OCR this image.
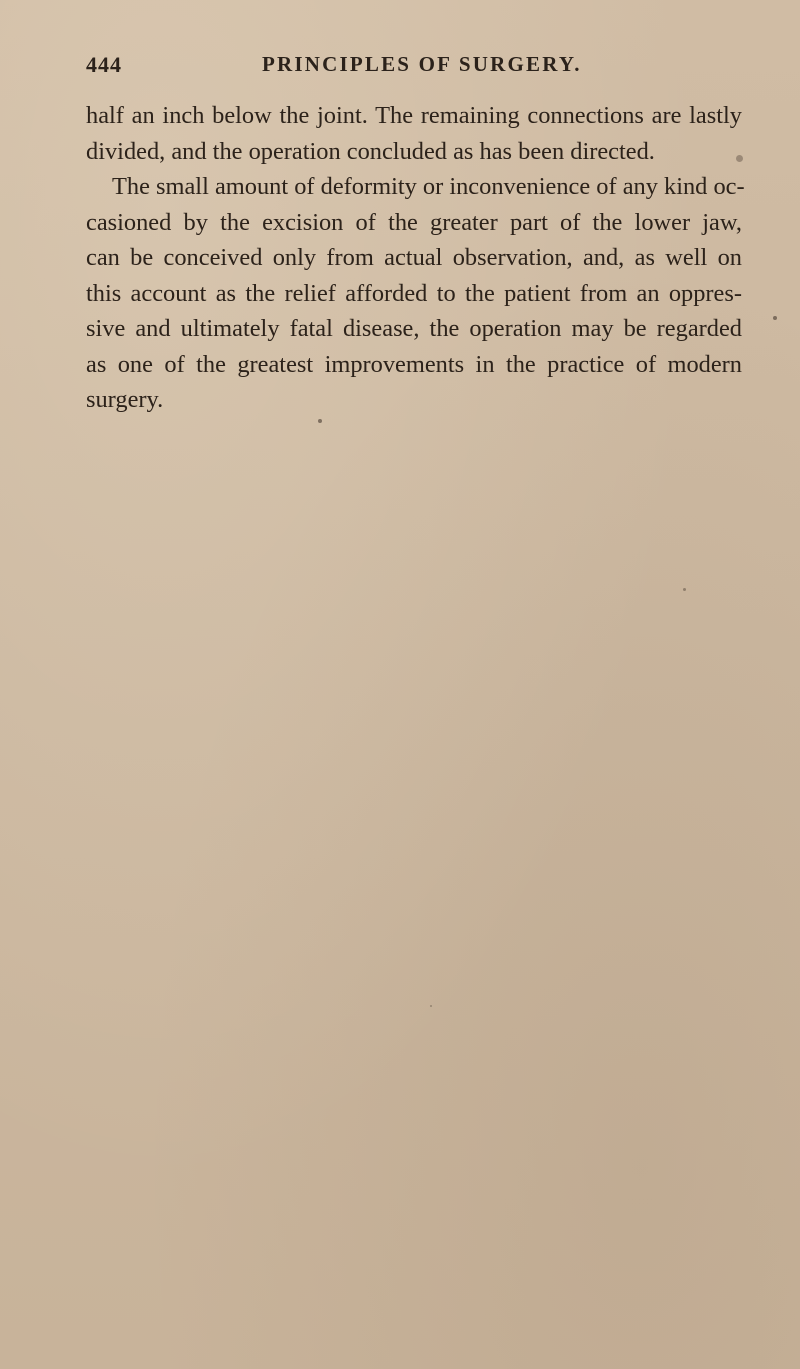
444	PRINCIPLES OF SURGERY.
half an inch below the joint. The remaining connections are lastly
divided, and the operation concluded as has been directed.
The small amount of deformity or inconvenience of any kind oc-
casioned by the excision of the greater part of the lower jaw,
can be conceived only from actual observation, and, as well on
this account as the relief afforded to the patient from an oppres-
sive and ultimately fatal disease, the operation may be regarded
as one of the greatest improvements in the practice of modern
surgery.
